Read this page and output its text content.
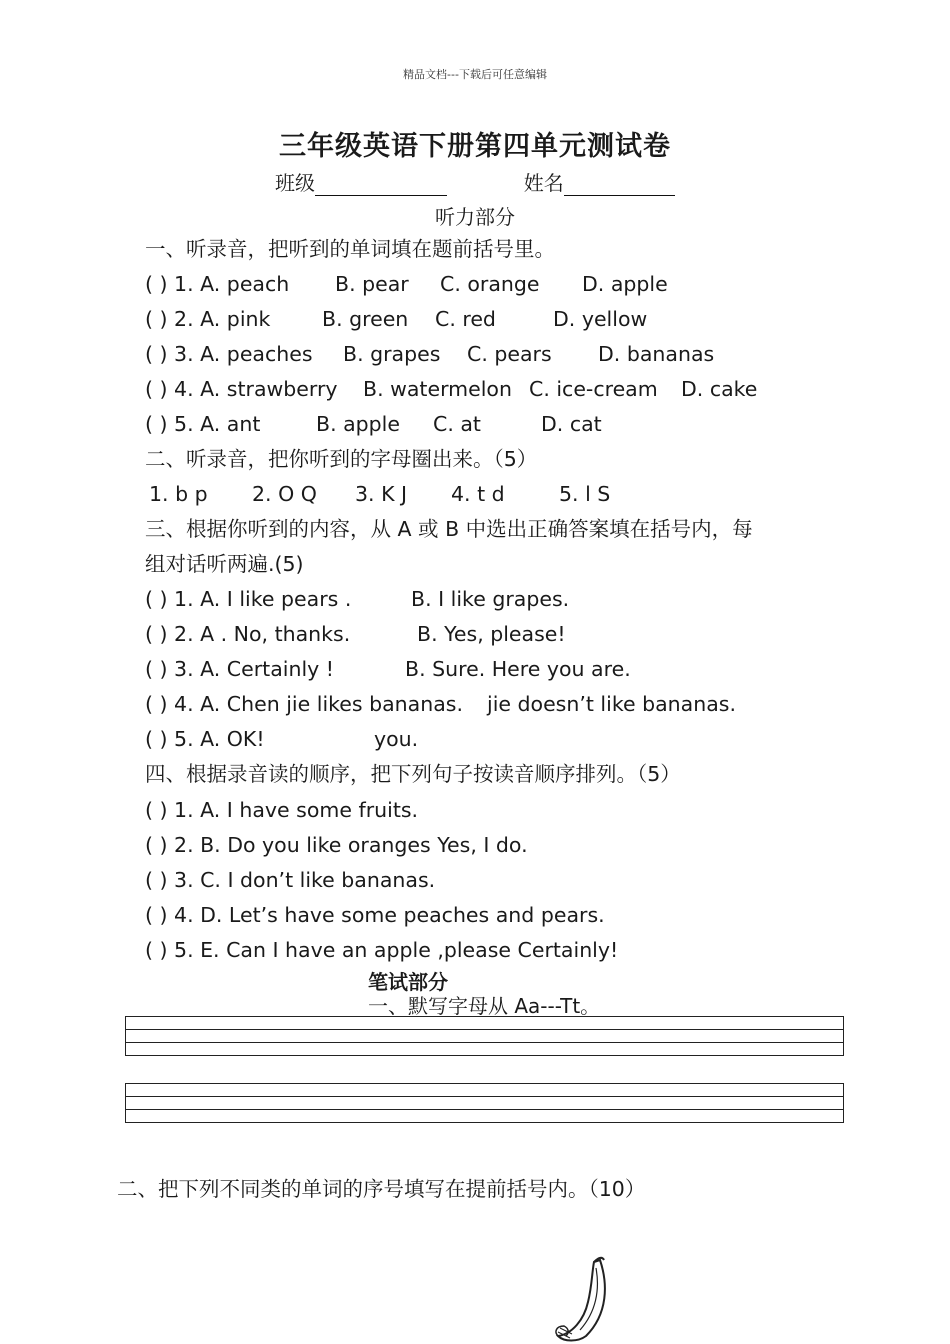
精品文档---下载后可任意编辑
三年级英语下册第四单元测试卷
班级	姓名
听力部分
一、听录音，把听到的单词填在题前括号里。
( ) 1. A. peach B. pear C. orange D. apple
( ) 2. A. pink	B. green C. red	D. yellow
( ) 3. A. peaches B. grapes C. pears D. bananas
( ) 4. A. strawberry B. watermelon C. ice-cream D. cake
( ) 5. A. ant	B. apple C. at	D. cat
二、听录音，把你听到的字母圈出来。（5）
1. b p 2. O Q 3. K J 4. t d	5. l S
三、根据你听到的内容，从 A 或 B 中选出正确答案填在括号内，每
组对话听两遍.(5)
( ) 1. A. I like pears .	B. I like grapes.
( ) 2. A . No, thanks.	B. Yes, please!
( ) 3. A. Certainly !	B. Sure. Here you are.
( ) 4. A. Chen jie likes bananas. jie doesn’t like bananas.
( ) 5. A. OK!	you.
四、根据录音读的顺序，把下列句子按读音顺序排列。（5）
( ) 1. A. I have some fruits.
( ) 2. B. Do you like oranges Yes, I do.
( ) 3. C. I don’t like bananas.
( ) 4. D. Let’s have some peaches and pears.
( ) 5. E. Can I have an apple ,please Certainly!
笔试部分
一、默写字母从 Aa---Tt。
二、把下列不同类的单词的序号填写在提前括号内。（10）
